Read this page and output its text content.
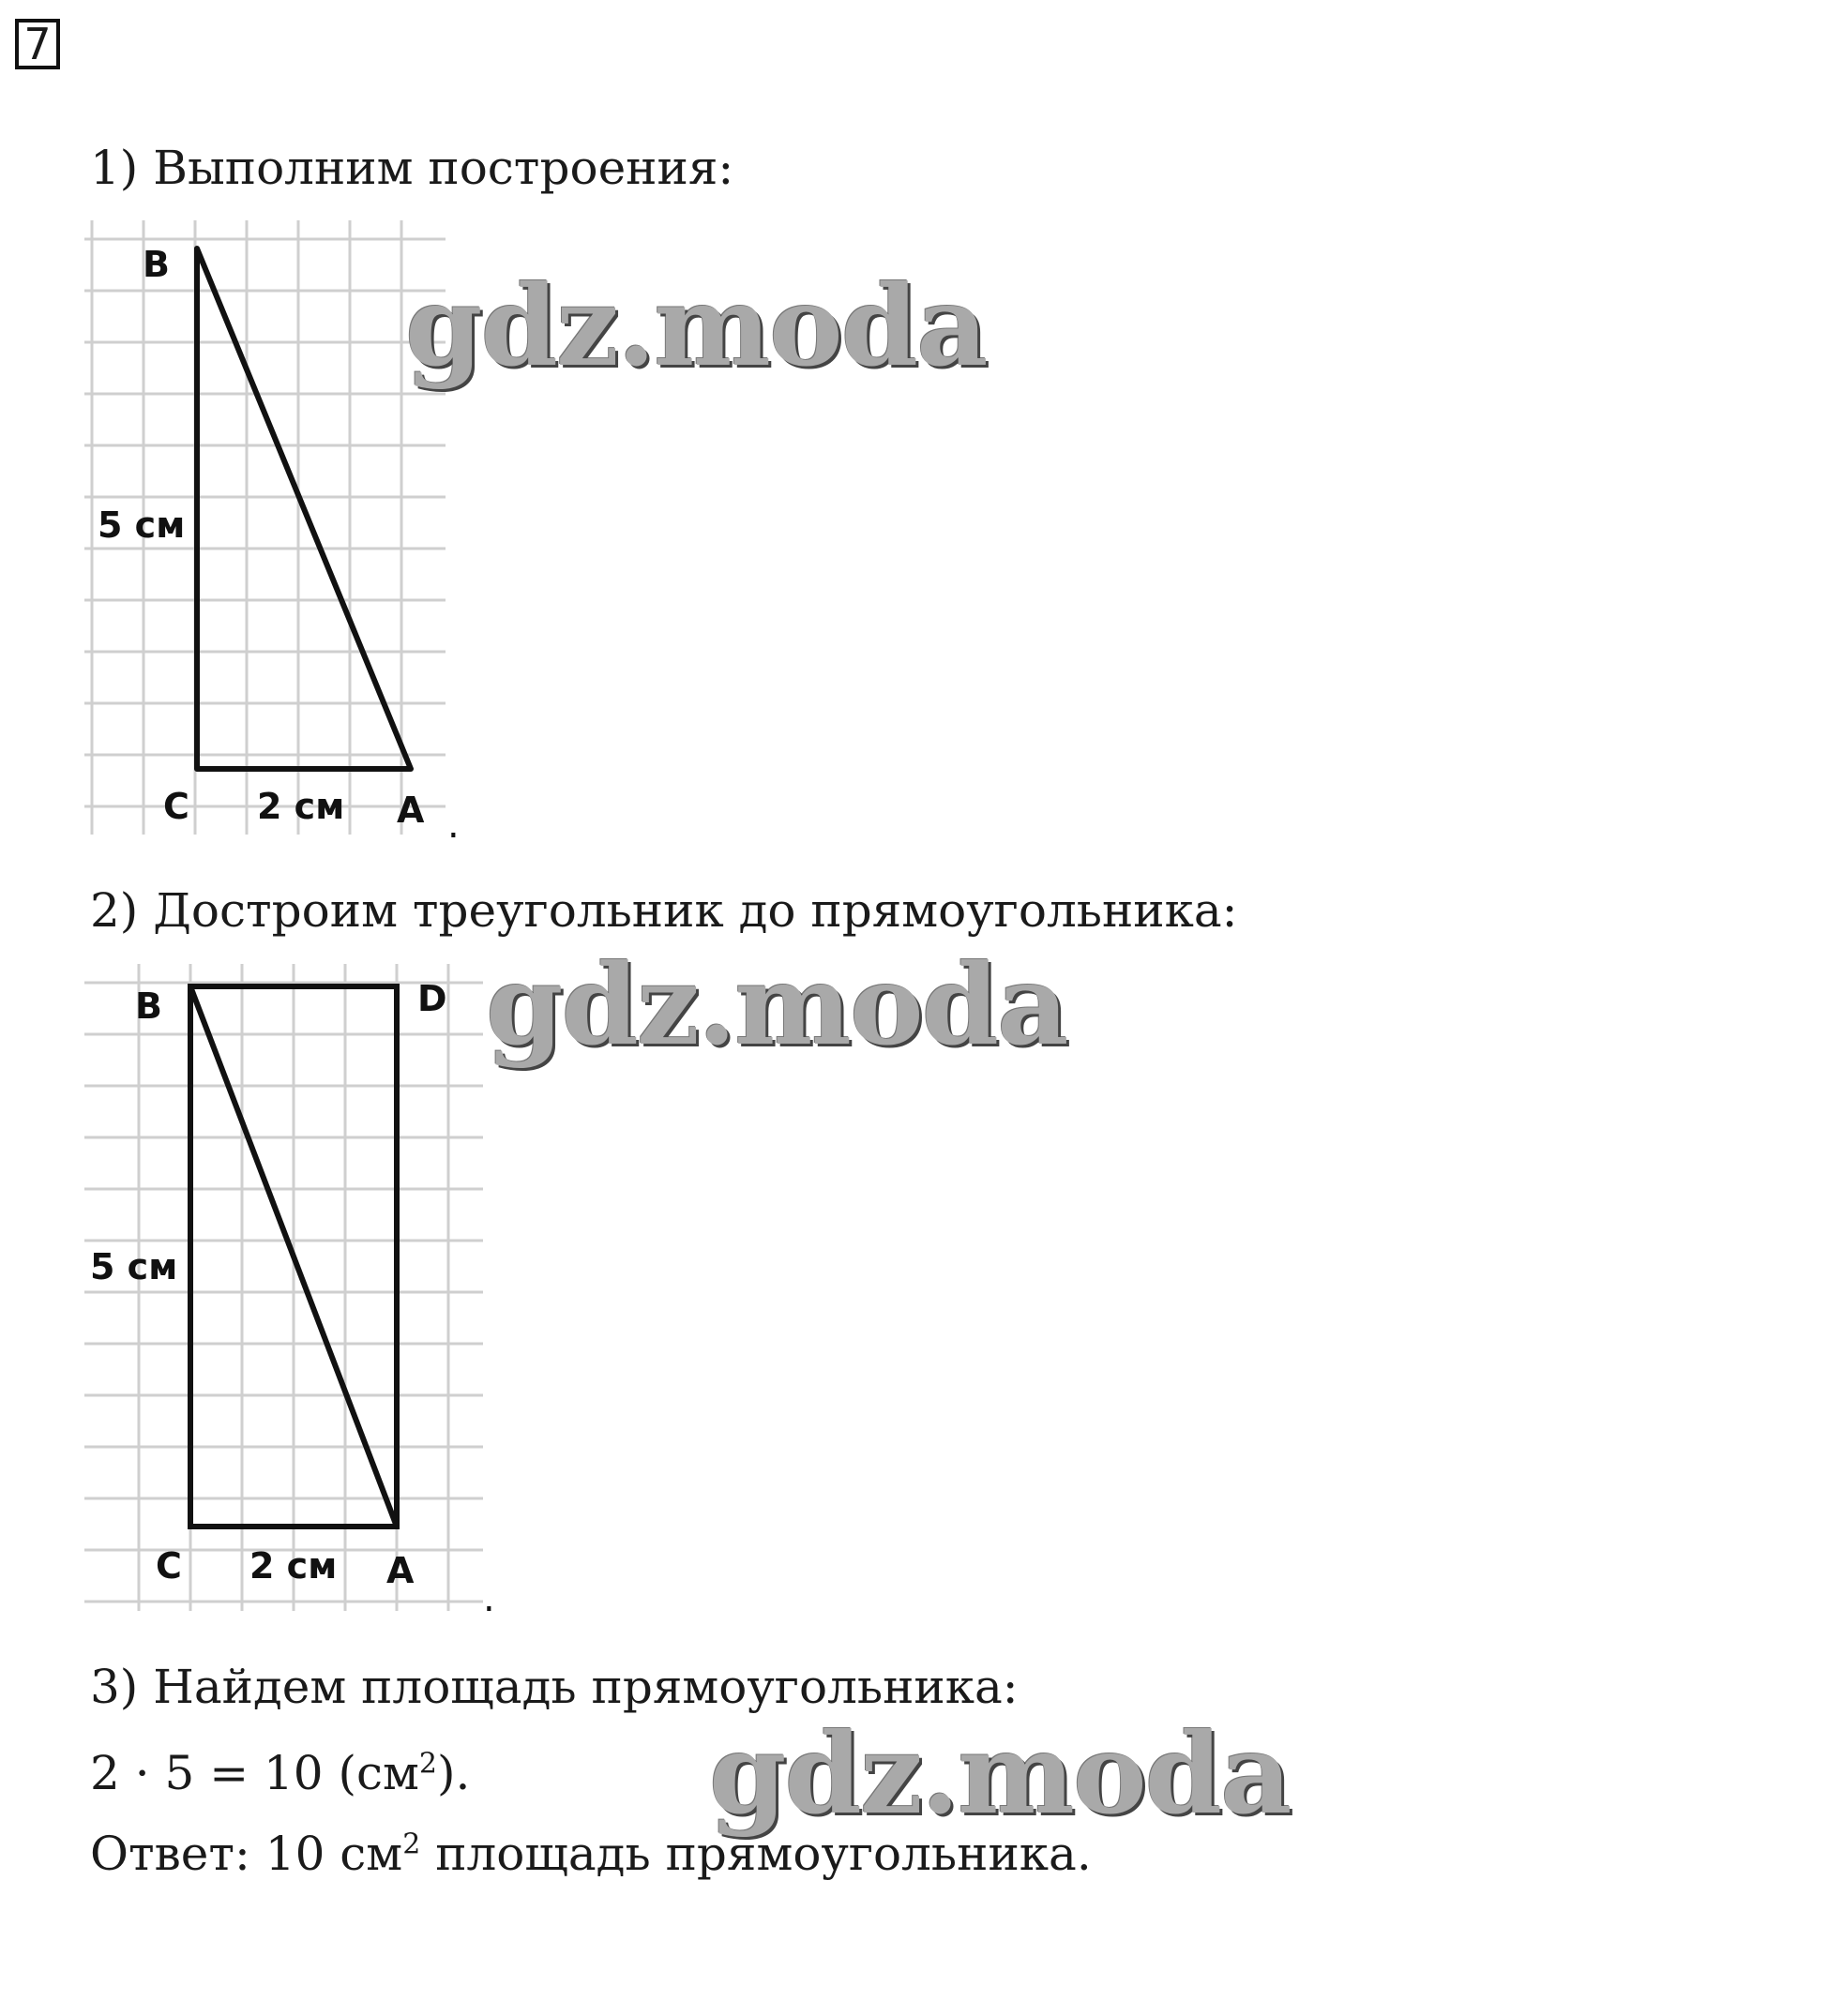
7
1) Выполним построения:
B
5 см
C 2 см A .
gdz.moda
2) Достроим треугольник до прямоугольника:
B	D
5 см
C 2 см A
.
gdz.moda
3) Найдем площадь прямоугольника:
2 · 5 = 10 $(см^2)$. gdz.moda
Ответ: 10 $см^2$ площадь прямоугольника.
